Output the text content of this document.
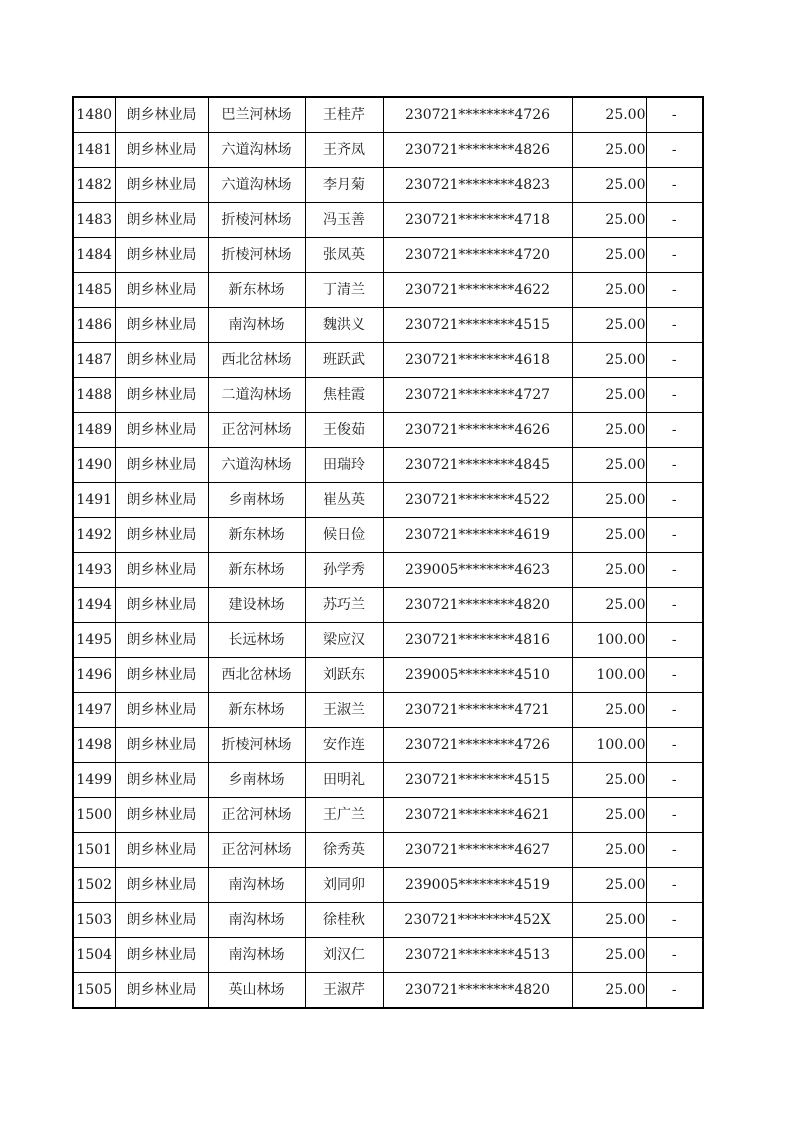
1480	朗乡林业局	巴兰河林场	王桂芹	230721********4726	25.00	-
1481	朗乡林业局	六道沟林场	王齐凤	230721********4826	25.00	-
1482	朗乡林业局	六道沟林场	李月菊	230721********4823	25.00	-
1483	朗乡林业局	折棱河林场	冯玉善	230721********4718	25.00	-
1484	朗乡林业局	折棱河林场	张凤英	230721********4720	25.00	-
1485	朗乡林业局	新东林场	丁清兰	230721********4622	25.00	-
1486	朗乡林业局	南沟林场	魏洪义	230721********4515	25.00	-
1487	朗乡林业局	西北岔林场	班跃武	230721********4618	25.00	-
1488	朗乡林业局	二道沟林场	焦桂霞	230721********4727	25.00	-
1489	朗乡林业局	正岔河林场	王俊茹	230721********4626	25.00	-
1490	朗乡林业局	六道沟林场	田瑞玲	230721********4845	25.00	-
1491	朗乡林业局	乡南林场	崔丛英	230721********4522	25.00	-
1492	朗乡林业局	新东林场	候日俭	230721********4619	25.00	-
1493	朗乡林业局	新东林场	孙学秀	239005********4623	25.00	-
1494	朗乡林业局	建设林场	苏巧兰	230721********4820	25.00	-
1495	朗乡林业局	长远林场	梁应汉	230721********4816	100.00	-
1496	朗乡林业局	西北岔林场	刘跃东	239005********4510	100.00	-
1497	朗乡林业局	新东林场	王淑兰	230721********4721	25.00	-
1498	朗乡林业局	折棱河林场	安作连	230721********4726	100.00	-
1499	朗乡林业局	乡南林场	田明礼	230721********4515	25.00	-
1500	朗乡林业局	正岔河林场	王广兰	230721********4621	25.00	-
1501	朗乡林业局	正岔河林场	徐秀英	230721********4627	25.00	-
1502	朗乡林业局	南沟林场	刘同卯	239005********4519	25.00	-
1503	朗乡林业局	南沟林场	徐桂秋	230721********452X	25.00	-
1504	朗乡林业局	南沟林场	刘汉仁	230721********4513	25.00	-
1505	朗乡林业局	英山林场	王淑芹	230721********4820	25.00	-
